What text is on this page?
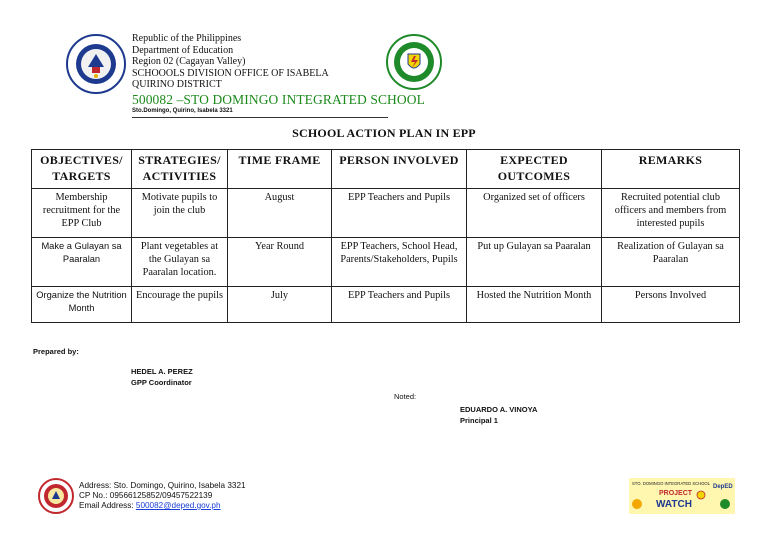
Republic of the Philippines
Department of Education
Region 02 (Cagayan Valley)
SCHOOOLS DIVISION OFFICE OF ISABELA
QUIRINO DISTRICT
500082 –STO DOMINGO INTEGRATED SCHOOL
Sto.Domingo, Quirino, Isabela 3321
SCHOOL ACTION PLAN IN EPP
OBJECTIVES/ TARGETS	STRATEGIES/ ACTIVITIES	TIME FRAME	PERSON INVOLVED	EXPECTED OUTCOMES	REMARKS
Membership recruitment for the EPP Club	Motivate pupils to join the club	August	EPP Teachers and Pupils	Organized set of officers	Recruited potential club officers and members from interested pupils
Make a Gulayan sa Paaralan	Plant vegetables at the Gulayan sa Paaralan location.	Year Round	EPP Teachers, School Head, Parents/Stakeholders, Pupils	Put up Gulayan sa Paaralan	Realization of Gulayan sa Paaralan
Organize the Nutrition Month	Encourage the pupils	July	EPP Teachers and Pupils	Hosted the Nutrition Month	Persons Involved
Prepared by:
HEDEL A. PEREZ
GPP Coordinator
Noted:
EDUARDO A. VINOYA
Principal 1
Address: Sto. Domingo, Quirino, Isabela 3321
CP No.: 09566125852/09457522139
Email Address: 500082@deped.gov.ph
STO. DOMINGO INTEGRATED SCHOOL
DepED
PROJECT
WATCH
